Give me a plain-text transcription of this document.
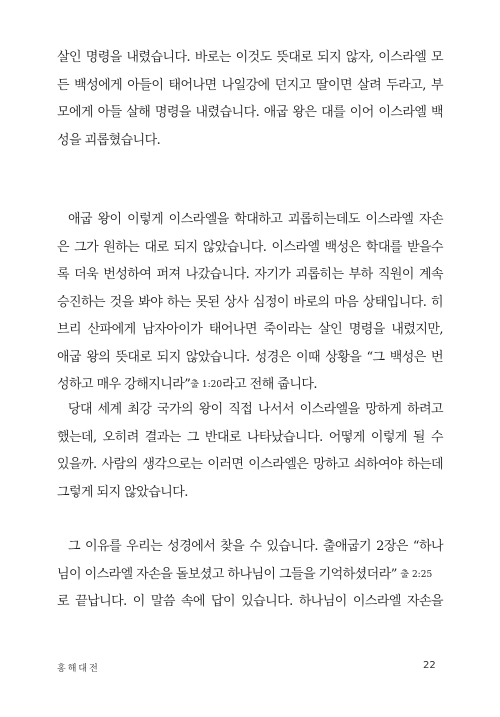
살인 명령을 내렸습니다. 바로는 이것도 뜻대로 되지 않자, 이스라엘 모
든 백성에게 아들이 태어나면 나일강에 던지고 딸이면 살려 두라고, 부
모에게 아들 살해 명령을 내렸습니다. 애굽 왕은 대를 이어 이스라엘 백
성을 괴롭혔습니다.
애굽 왕이 이렇게 이스라엘을 학대하고 괴롭히는데도 이스라엘 자손
은 그가 원하는 대로 되지 않았습니다. 이스라엘 백성은 학대를 받을수
록 더욱 번성하여 퍼져 나갔습니다. 자기가 괴롭히는 부하 직원이 계속
승진하는 것을 봐야 하는 못된 상사 심정이 바로의 마음 상태입니다. 히
브리 산파에게 남자아이가 태어나면 죽이라는 살인 명령을 내렸지만,
애굽 왕의 뜻대로 되지 않았습니다. 성경은 이때 상황을 “그 백성은 번
성하고 매우 강해지니라”출 1:20라고 전해 줍니다.
당대 세계 최강 국가의 왕이 직접 나서서 이스라엘을 망하게 하려고
했는데, 오히려 결과는 그 반대로 나타났습니다. 어떻게 이렇게 될 수
있을까. 사람의 생각으로는 이러면 이스라엘은 망하고 쇠하여야 하는데
그렇게 되지 않았습니다.
그 이유를 우리는 성경에서 찾을 수 있습니다. 출애굽기 2장은 “하나
님이 이스라엘 자손을 돌보셨고 하나님이 그들을 기억하셨더라” 출 2:25
로 끝납니다. 이 말씀 속에 답이 있습니다. 하나님이 이스라엘 자손을
홍해대전	22
